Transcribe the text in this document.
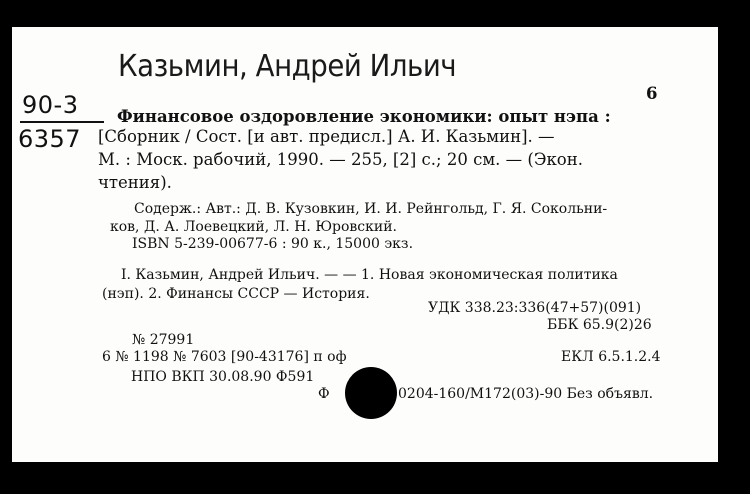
Казьмин, Андрей Ильич
90-3
6357
6
Финансовое оздоровление экономики: опыт нэпа :
[Сборник / Сост. [и авт. предисл.] А. И. Казьмин]. —
М. : Моск. рабочий, 1990. — 255, [2] с.; 20 см. — (Экон.
чтения).
Содерж.: Авт.: Д. В. Кузовкин, И. И. Рейнгольд, Г. Я. Сокольни-
ков, Д. А. Лоевецкий, Л. Н. Юровский.
ISBN 5-239-00677-6 : 90 к., 15000 экз.
I. Казьмин, Андрей Ильич. — — 1. Новая экономическая политика
(нэп). 2. Финансы СССР — История.
УДК 338.23:336(47+57)(091)
ББК 65.9(2)26
№ 27991
6 № 1198 № 7603 [90-43176] п оф	ЕКЛ 6.5.1.2.4
НПО ВКП 30.08.90 Ф591
Ф	0204-160/М172(03)-90 Без объявл.
